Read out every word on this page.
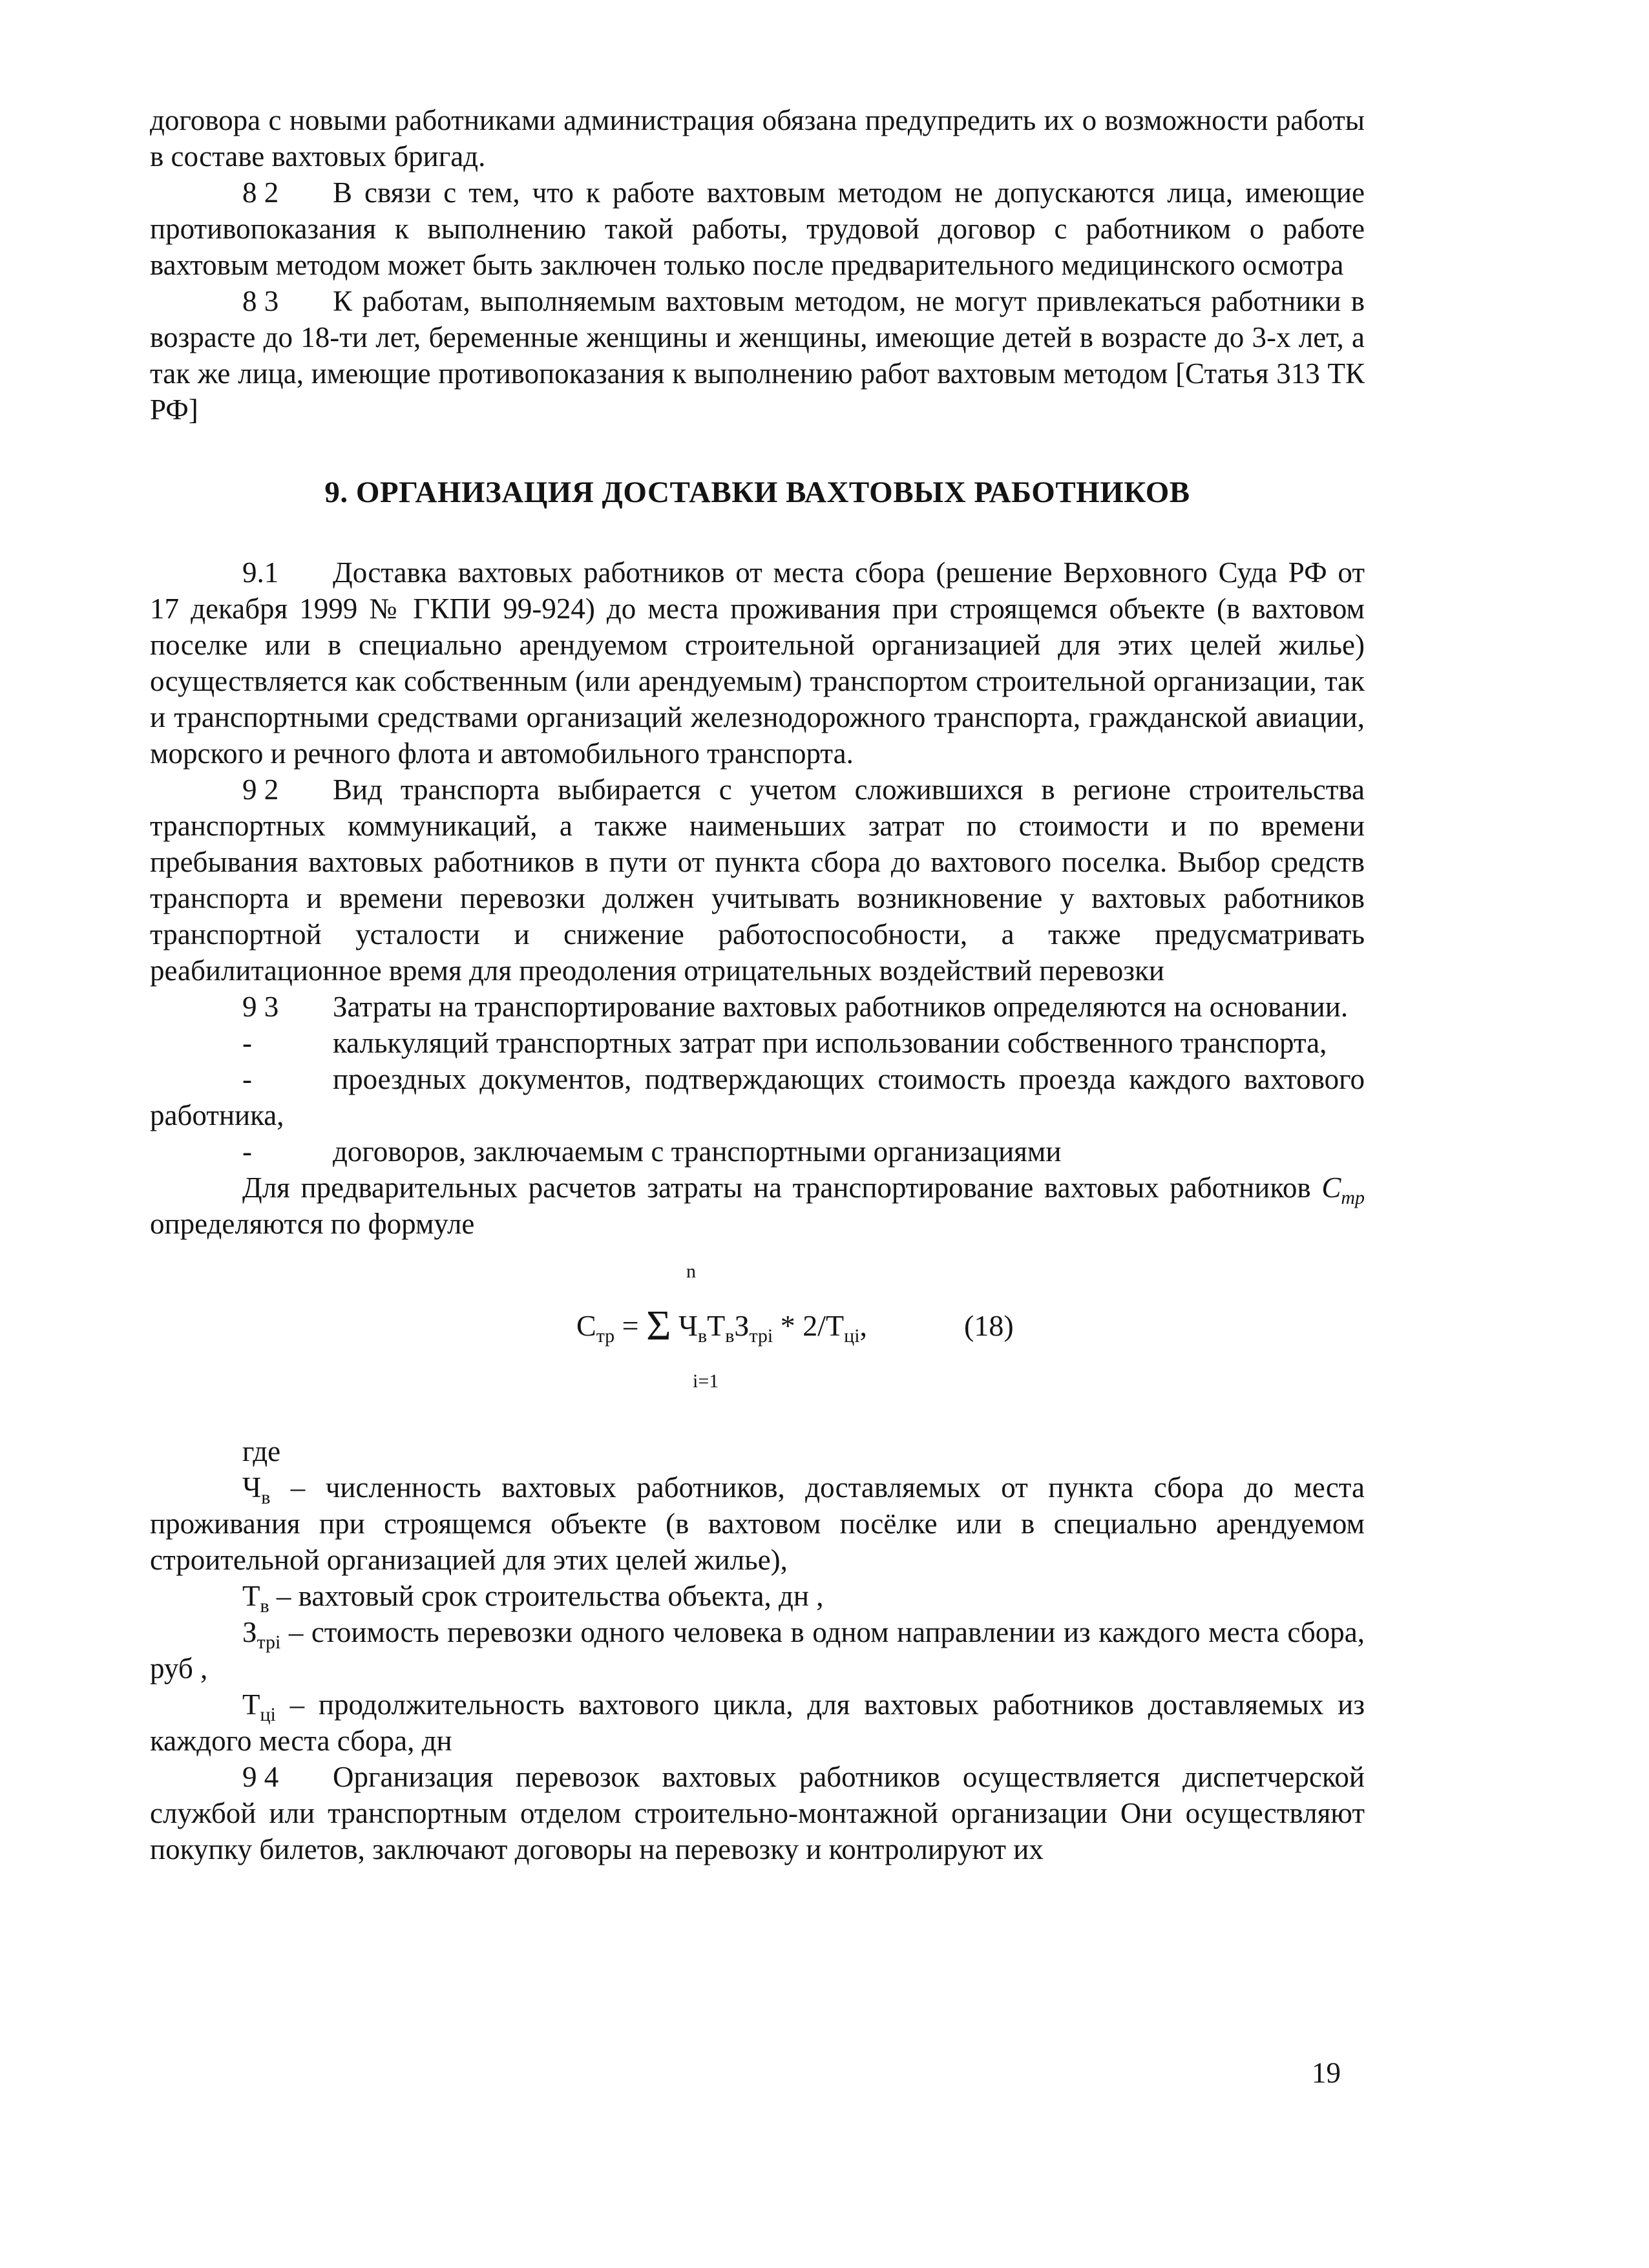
договора с новыми работниками администрация обязана предупредить их о возможности работы в составе вахтовых бригад.

8 2 В связи с тем, что к работе вахтовым методом не допускаются лица, имеющие противопоказания к выполнению такой работы, трудовой договор с работником о работе вахтовым методом может быть заключен только после предварительного медицинского осмотра

8 3 К работам, выполняемым вахтовым методом, не могут привлекаться работники в возрасте до 18-ти лет, беременные женщины и женщины, имеющие детей в возрасте до 3-х лет, а так же лица, имеющие противопоказания к выполнению работ вахтовым методом [Статья 313 ТК РФ]

9. ОРГАНИЗАЦИЯ ДОСТАВКИ ВАХТОВЫХ РАБОТНИКОВ

9.1 Доставка вахтовых работников от места сбора (решение Верховного Суда РФ от 17 декабря 1999 № ГКПИ 99-924) до места проживания при строящемся объекте (в вахтовом поселке или в специально арендуемом строительной организацией для этих целей жилье) осуществляется как собственным (или арендуемым) транспортом строительной организации, так и транспортными средствами организаций железнодорожного транспорта, гражданской авиации, морского и речного флота и автомобильного транспорта.

9 2 Вид транспорта выбирается с учетом сложившихся в регионе строительства транспортных коммуникаций, а также наименьших затрат по стоимости и по времени пребывания вахтовых работников в пути от пункта сбора до вахтового поселка. Выбор средств транспорта и времени перевозки должен учитывать возникновение у вахтовых работников транспортной усталости и снижение работоспособности, а также предусматривать реабилитационное время для преодоления отрицательных воздействий перевозки

9 3 Затраты на транспортирование вахтовых работников определяются на основании.

-	калькуляций транспортных затрат при использовании собственного транспорта,

-	проездных документов, подтверждающих стоимость проезда каждого вахтового работника,

-	договоров, заключаемым с транспортными организациями

Для предварительных расчетов затраты на транспортирование вахтовых работников $С_{тр}$ определяются по формуле

n
$С_{тр} = \Sigma$ $Ч_вТ_вЗ_{трi} * 2/Т_{цi}$,
i=1
(18)

где

$Ч_в$ – численность вахтовых работников, доставляемых от пункта сбора до места проживания при строящемся объекте (в вахтовом посёлке или в специально арендуемом строительной организацией для этих целей жилье),

$Т_в$ – вахтовый срок строительства объекта, дн ,

$З_{трi}$ – стоимость перевозки одного человека в одном направлении из каждого места сбора, руб ,

$Т_{цi}$ – продолжительность вахтового цикла, для вахтовых работников доставляемых из каждого места сбора, дн

9 4 Организация перевозок вахтовых работников осуществляется диспетчерской службой или транспортным отделом строительно-монтажной организации Они осуществляют покупку билетов, заключают договоры на перевозку и контролируют их

19
